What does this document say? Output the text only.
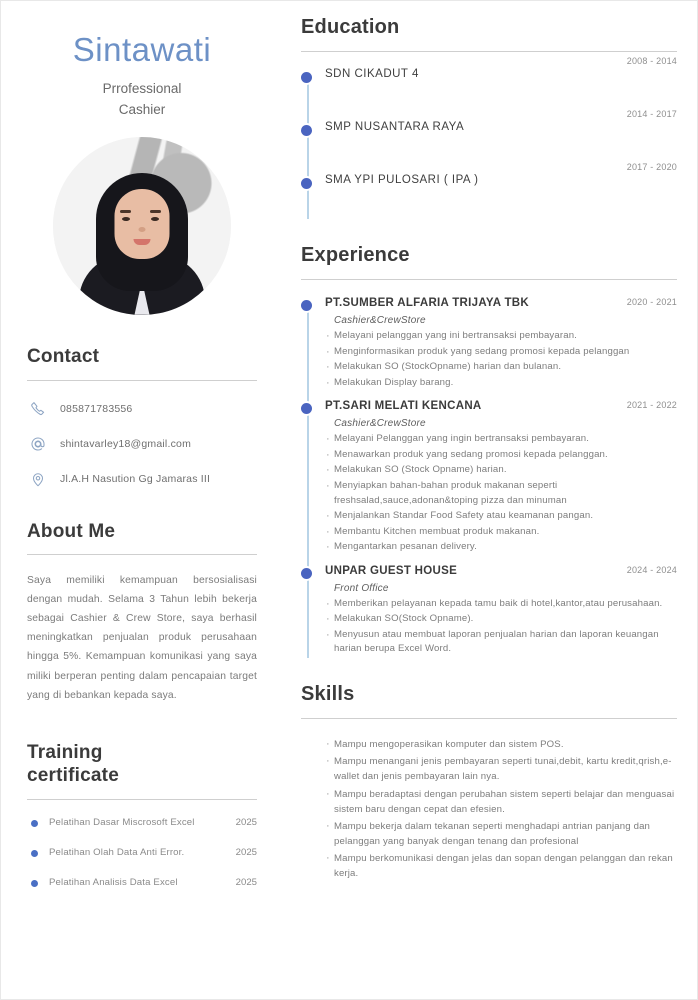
Sintawati
Prrofessional
Cashier
Contact
085871783556
shintavarley18@gmail.com
Jl.A.H Nasution Gg Jamaras III
About Me

Saya memiliki kemampuan bersosialisasi dengan mudah. Selama 3 Tahun lebih bekerja sebagai Cashier & Crew Store, saya berhasil meningkatkan penjualan produk perusahaan hingga 5%. Kemampuan komunikasi yang saya miliki berperan penting dalam pencapaian target yang di bebankan kepada saya.

Training
certificate
Pelatihan Dasar Miscrosoft Excel	2025
Pelatihan Olah Data Anti Error.	2025
Pelatihan Analisis Data Excel	2025
Education
SDN CIKADUT 4
2008 - 2014
SMP NUSANTARA RAYA
2014 - 2017
SMA YPI PULOSARI ( IPA )
2017 - 2020
Experience
PT.SUMBER ALFARIA TRIJAYA TBK	2020 - 2021
Cashier&CrewStore
· Melayani pelanggan yang ini bertransaksi pembayaran.
· Menginformasikan produk yang sedang promosi kepada pelanggan
· Melakukan SO (StockOpname) harian dan bulanan.
· Melakukan Display barang.
PT.SARI MELATI KENCANA	2021 - 2022
Cashier&CrewStore
· Melayani Pelanggan yang ingin bertransaksi pembayaran.
· Menawarkan produk yang sedang promosi kepada pelanggan.
· Melakukan SO (Stock Opname) harian.
· Menyiapkan bahan-bahan produk makanan seperti freshsalad,sauce,adonan&toping pizza dan minuman
· Menjalankan Standar Food Safety atau keamanan pangan.
· Membantu Kitchen membuat produk makanan.
· Mengantarkan pesanan delivery.
UNPAR GUEST HOUSE	2024 - 2024
Front Office
· Memberikan pelayanan kepada tamu baik di hotel,kantor,atau perusahaan.
· Melakukan SO(Stock Opname).
· Menyusun atau membuat laporan penjualan harian dan laporan keuangan harian berupa Excel Word.
Skills
· Mampu mengoperasikan komputer dan sistem POS.
· Mampu menangani jenis pembayaran seperti tunai,debit, kartu kredit,qrish,e-wallet dan jenis pembayaran lain nya.
· Mampu beradaptasi dengan perubahan sistem seperti belajar dan menguasai sistem baru dengan cepat dan efesien.
· Mampu bekerja dalam tekanan seperti menghadapi antrian panjang dan pelanggan yang banyak dengan tenang dan profesional
· Mampu berkomunikasi dengan jelas dan sopan dengan pelanggan dan rekan kerja.
